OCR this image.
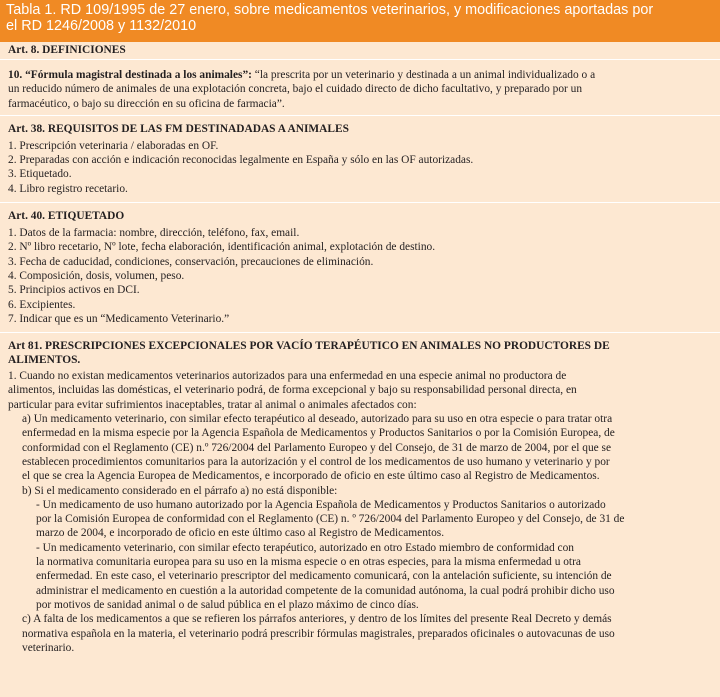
Tabla 1. RD 109/1995 de 27 enero, sobre medicamentos veterinarios, y modificaciones aportadas por
el RD 1246/2008 y 1132/2010
Art. 8. DEFINICIONES
10. “Fórmula magistral destinada a los animales”: “la prescrita por un veterinario y destinada a un animal individualizado o a
un reducido número de animales de una explotación concreta, bajo el cuidado directo de dicho facultativo, y preparado por un
farmacéutico, o bajo su dirección en su oficina de farmacia”.
Art. 38. REQUISITOS DE LAS FM DESTINADADAS A ANIMALES
1. Prescripción veterinaria / elaboradas en OF.
2. Preparadas con acción e indicación reconocidas legalmente en España y sólo en las OF autorizadas.
3. Etiquetado.
4. Libro registro recetario.
Art. 40. ETIQUETADO
1. Datos de la farmacia: nombre, dirección, teléfono, fax, email.
2. Nº libro recetario, Nº lote, fecha elaboración, identificación animal, explotación de destino.
3. Fecha de caducidad, condiciones, conservación, precauciones de eliminación.
4. Composición, dosis, volumen, peso.
5. Principios activos en DCI.
6. Excipientes.
7. Indicar que es un “Medicamento Veterinario.”
Art 81. PRESCRIPCIONES EXCEPCIONALES POR VACÍO TERAPÉUTICO EN ANIMALES NO PRODUCTORES DE
ALIMENTOS.
1. Cuando no existan medicamentos veterinarios autorizados para una enfermedad en una especie animal no productora de
alimentos, incluidas las domésticas, el veterinario podrá, de forma excepcional y bajo su responsabilidad personal directa, en
particular para evitar sufrimientos inaceptables, tratar al animal o animales afectados con:
a) Un medicamento veterinario, con similar efecto terapéutico al deseado, autorizado para su uso en otra especie o para tratar otra
enfermedad en la misma especie por la Agencia Española de Medicamentos y Productos Sanitarios o por la Comisión Europea, de
conformidad con el Reglamento (CE) n.º 726/2004 del Parlamento Europeo y del Consejo, de 31 de marzo de 2004, por el que se
establecen procedimientos comunitarios para la autorización y el control de los medicamentos de uso humano y veterinario y por
el que se crea la Agencia Europea de Medicamentos, e incorporado de oficio en este último caso al Registro de Medicamentos.
b) Si el medicamento considerado en el párrafo a) no está disponible:
- Un medicamento de uso humano autorizado por la Agencia Española de Medicamentos y Productos Sanitarios o autorizado
por la Comisión Europea de conformidad con el Reglamento (CE) n. º 726/2004 del Parlamento Europeo y del Consejo, de 31 de
marzo de 2004, e incorporado de oficio en este último caso al Registro de Medicamentos.
- Un medicamento veterinario, con similar efecto terapéutico, autorizado en otro Estado miembro de conformidad con
la normativa comunitaria europea para su uso en la misma especie o en otras especies, para la misma enfermedad u otra
enfermedad. En este caso, el veterinario prescriptor del medicamento comunicará, con la antelación suficiente, su intención de
administrar el medicamento en cuestión a la autoridad competente de la comunidad autónoma, la cual podrá prohibir dicho uso
por motivos de sanidad animal o de salud pública en el plazo máximo de cinco días.
c) A falta de los medicamentos a que se refieren los párrafos anteriores, y dentro de los límites del presente Real Decreto y demás
normativa española en la materia, el veterinario podrá prescribir fórmulas magistrales, preparados oficinales o autovacunas de uso
veterinario.
